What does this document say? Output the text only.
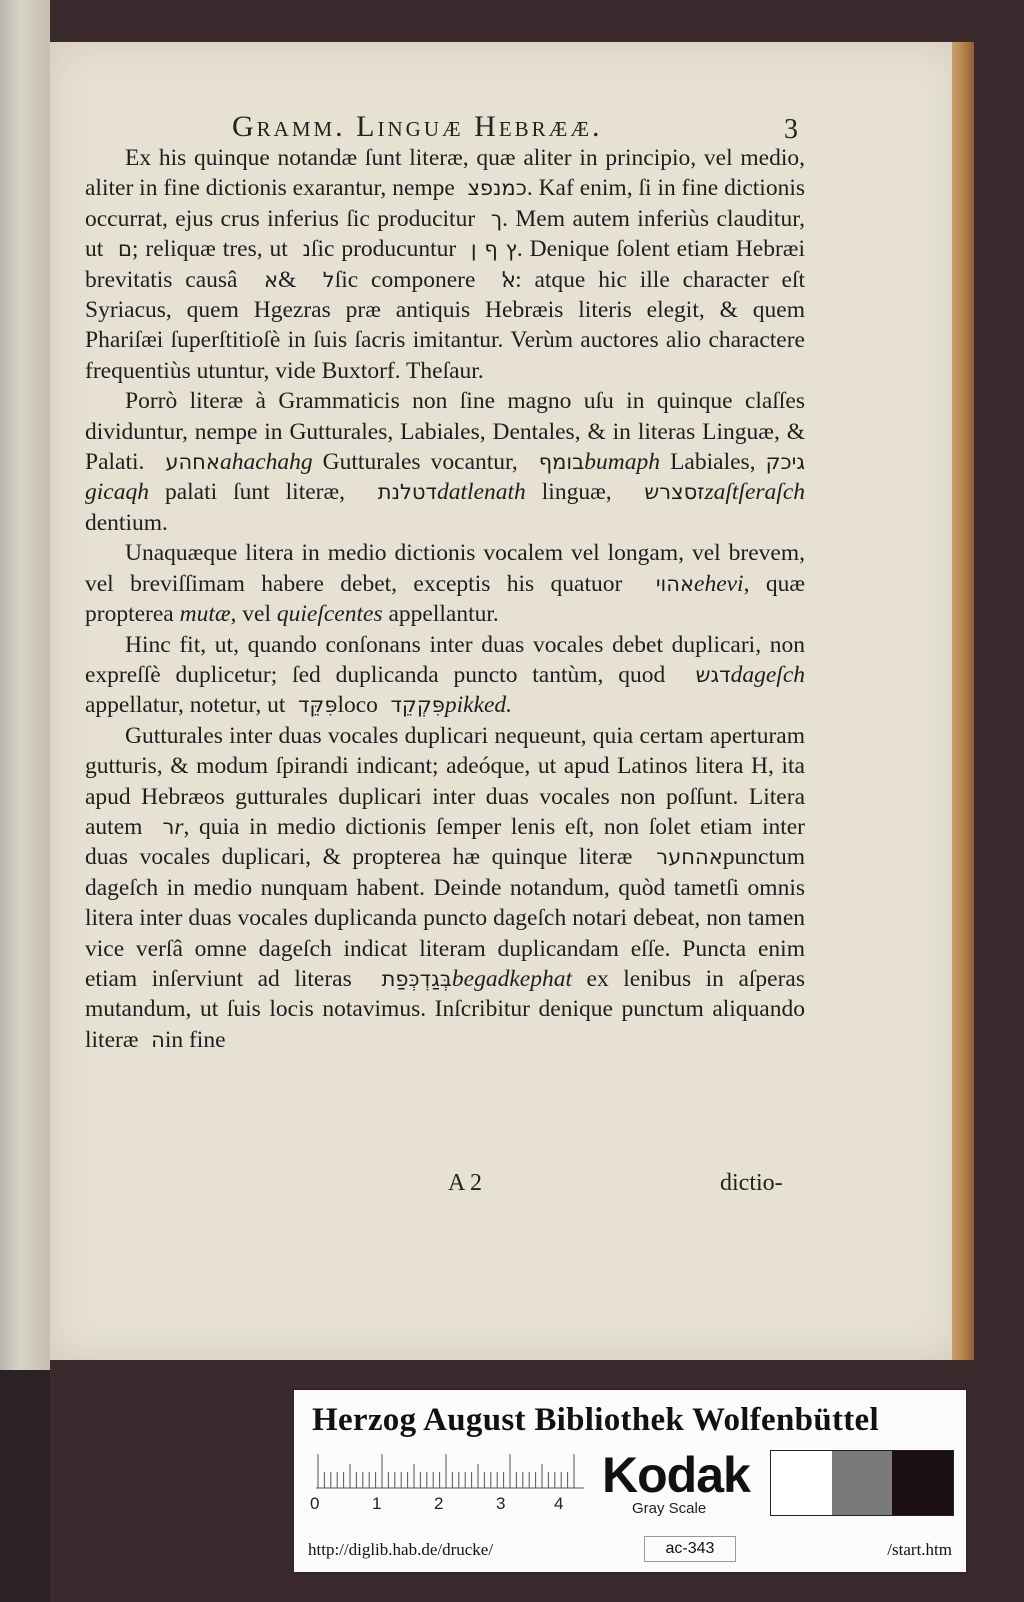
Gramm. Linguæ Hebrææ.	3

Ex his quinque notandæ ſunt literæ, quæ aliter in principio, vel medio, aliter in fine dictionis exarantur, nempe כמנפצ . Kaf enim, ſi in fine dictionis occurrat, ejus crus inferius ſic producitur ך . Mem autem inferiùs clauditur, ut ם ; reliquæ tres, ut נ ſic producuntur ץ ף ן . Denique ſolent etiam Hebræi brevitatis causâ א & ל ſic componere ﭏ : atque hic ille character eſt Syriacus, quem Hgezras præ antiquis Hebræis literis elegit, & quem Phariſæi ſuperſtitioſè in ſuis ſacris imitantur. Verùm auctores alio charactere frequentiùs utuntur, vide Buxtorf. Theſaur.

Porrò literæ à Grammaticis non ſine magno uſu in quinque claſſes dividuntur, nempe in Gutturales, Labiales, Dentales, & in literas Linguæ, & Palati. אחהע ahachahg Gutturales vocantur, בומף bumaph Labiales, גיכק gicaqh palati ſunt literæ, דטלנת datlenath linguæ, זסצרש zaſtſeraſch dentium.

Unaquæque litera in medio dictionis vocalem vel longam, vel brevem, vel breviſſimam habere debet, exceptis his quatuor אהוי ehevi, quæ propterea mutæ, vel quieſcentes appellantur.

Hinc fit, ut, quando conſonans inter duas vocales debet duplicari, non expreſſè duplicetur; ſed duplicanda puncto tantùm, quod דגש dageſch appellatur, notetur, ut פִּקֵּד loco פִּקְקֵד pikked.

Gutturales inter duas vocales duplicari nequeunt, quia certam aperturam gutturis, & modum ſpirandi indicant; adeóque, ut apud Latinos litera H, ita apud Hebræos gutturales duplicari inter duas vocales non poſſunt. Litera autem ר r, quia in medio dictionis ſemper lenis eſt, non ſolet etiam inter duas vocales duplicari, & propterea hæ quinque literæ אהחער punctum dageſch in medio nunquam habent. Deinde notandum, quòd tametſi omnis litera inter duas vocales duplicanda puncto dageſch notari debeat, non tamen vice verſâ omne dageſch indicat literam duplicandam eſſe. Puncta enim etiam inſerviunt ad literas בְּגַדְכְּפַת begadkephat ex lenibus in aſperas mutandum, ut ſuis locis notavimus. Inſcribitur denique punctum aliquando literæ ה in fine

A 2	dictio-
Herzog August Bibliothek Wolfenbüttel
0	1	2	3	4
Kodak
Gray Scale
http://diglib.hab.de/drucke/	ac-343	/start.htm
